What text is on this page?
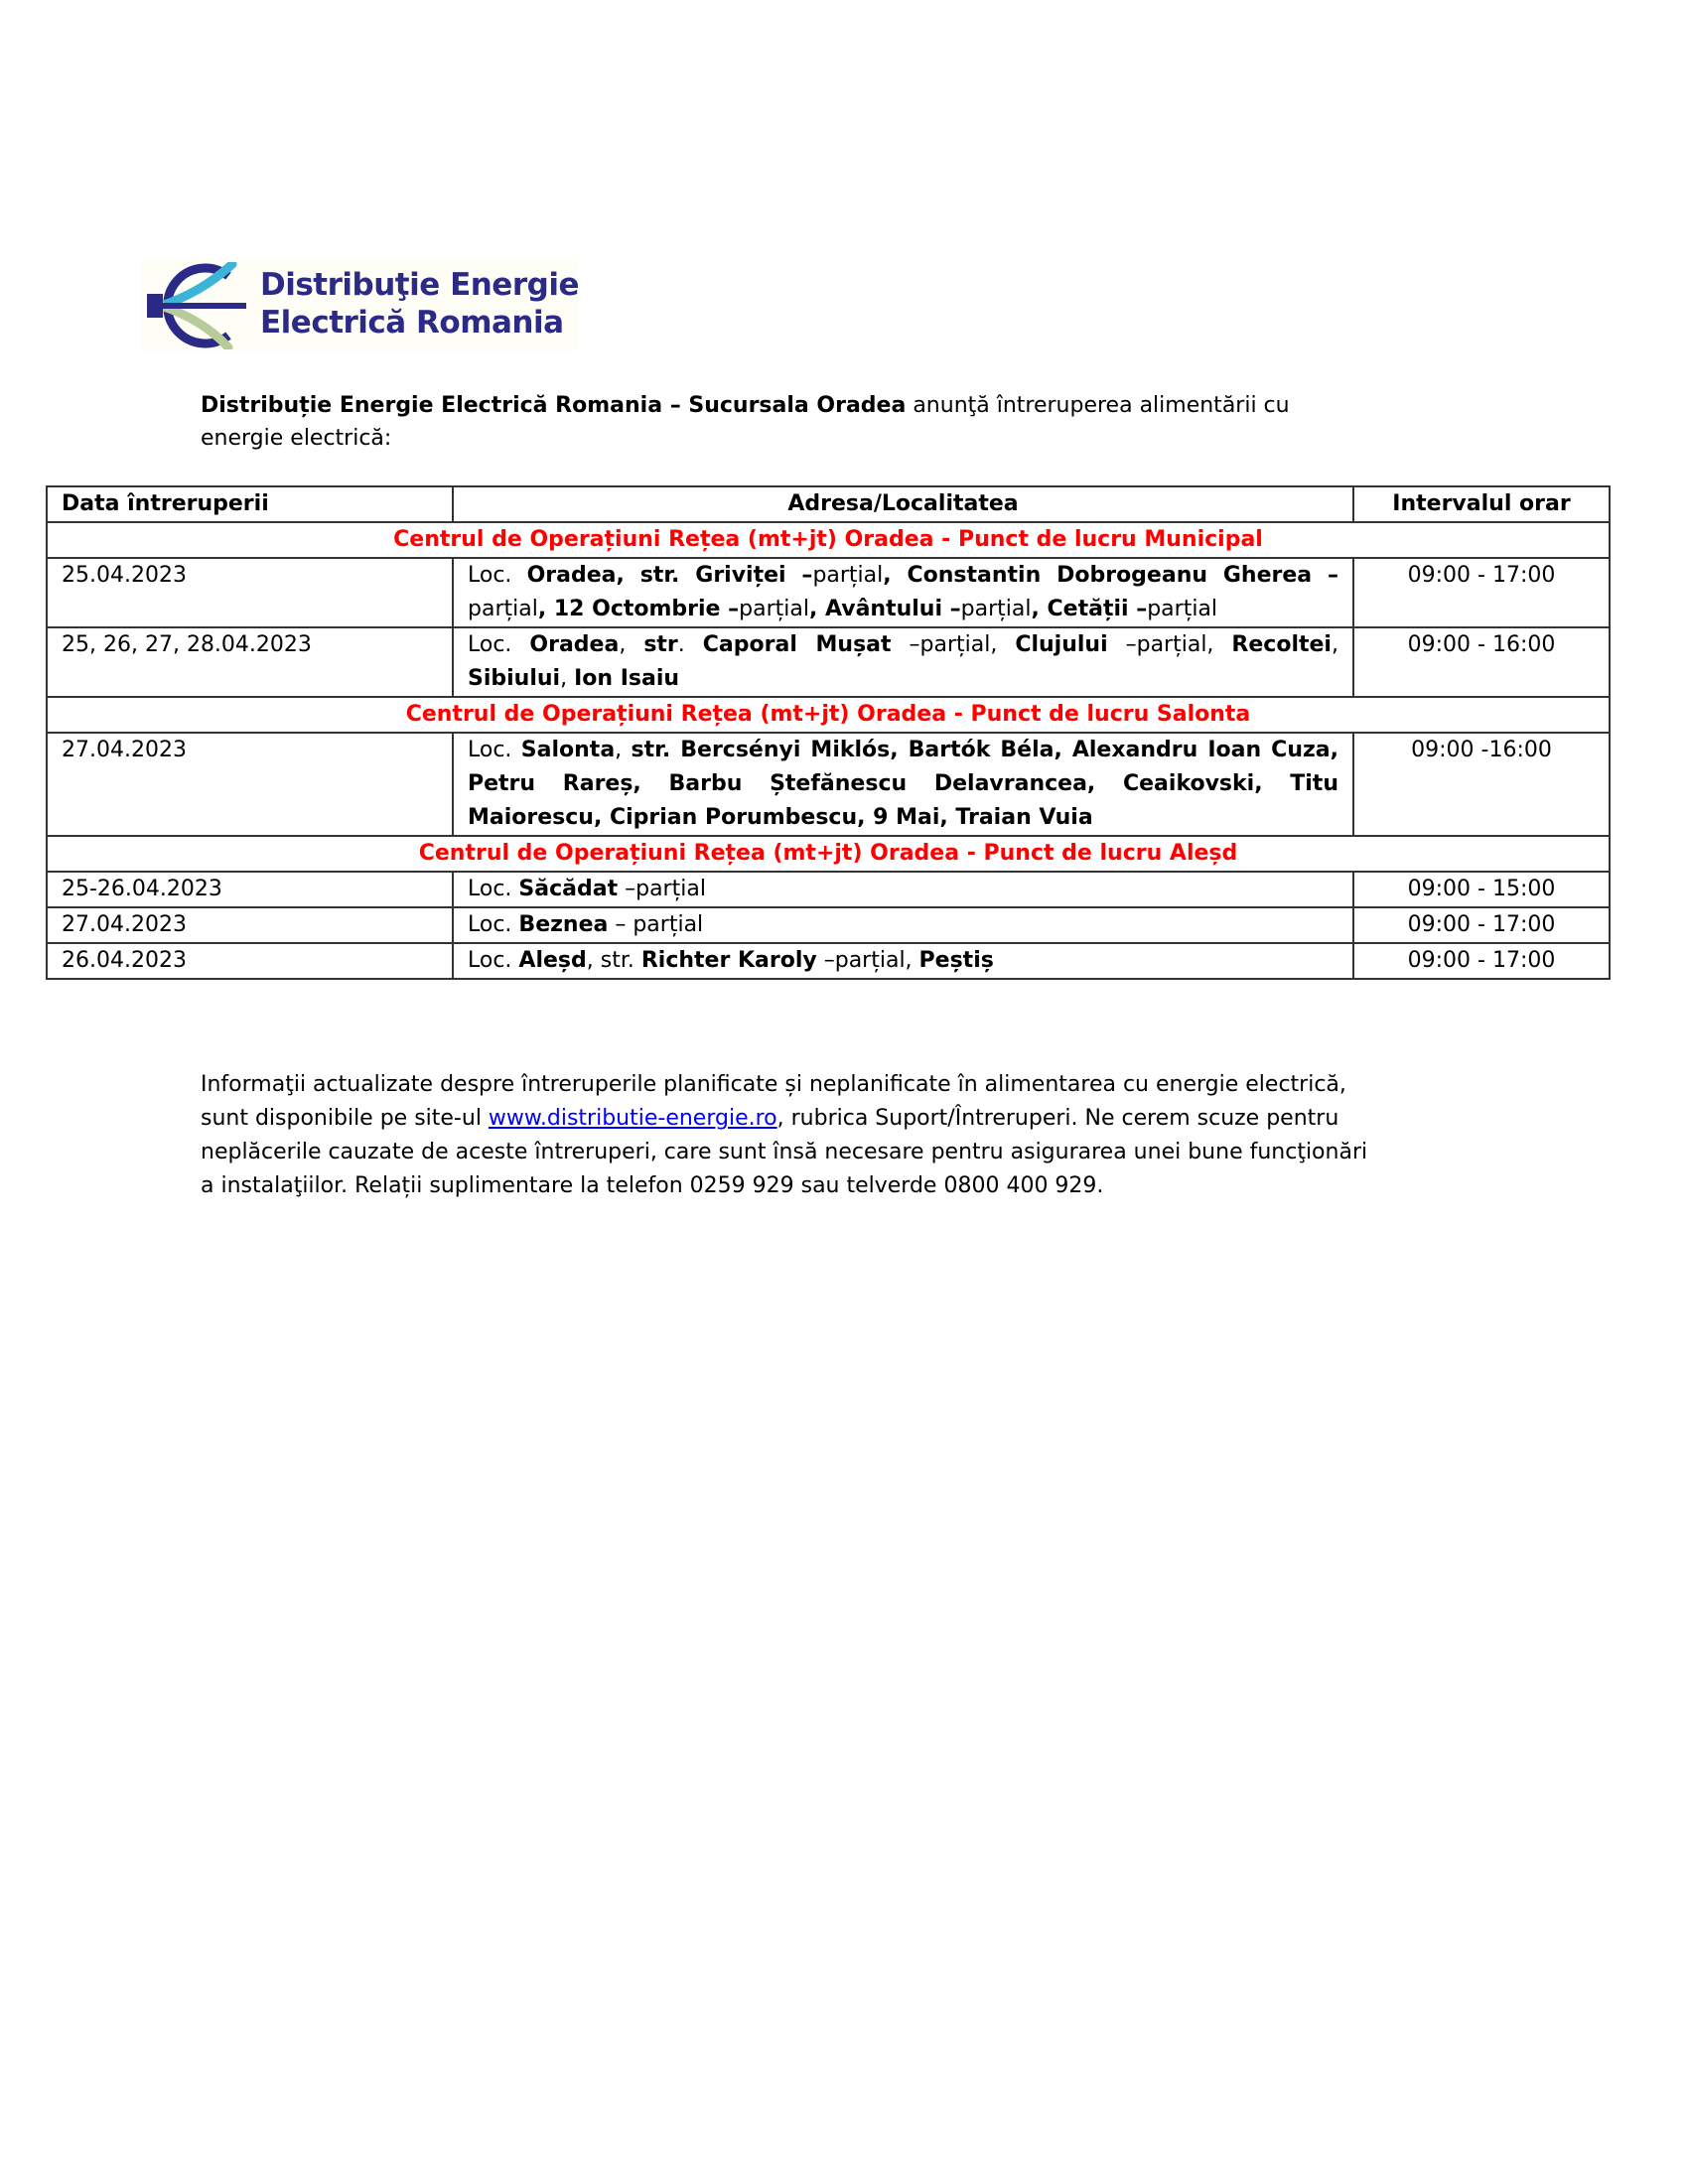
Distribuţie Energie
Electrică Romania
Distribuție Energie Electrică Romania – Sucursala Oradea anunţă întreruperea alimentării cu
energie electrică:
Data întreruperii	Adresa/Localitatea	Intervalul orar
Centrul de Operațiuni Rețea (mt+jt) Oradea - Punct de lucru Municipal		
25.04.2023	Loc. Oradea, str. Griviței –parțial, Constantin Dobrogeanu Gherea –parțial, 12 Octombrie –parțial, Avântului –parțial, Cetății –parțial	09:00 - 17:00
25, 26, 27, 28.04.2023	Loc. Oradea, str. Caporal Mușat –parțial, Clujului –parțial, Recoltei, Sibiului, Ion Isaiu	09:00 - 16:00
Centrul de Operațiuni Rețea (mt+jt) Oradea - Punct de lucru Salonta		
27.04.2023	Loc. Salonta, str. Bercsényi Miklós, Bartók Béla, Alexandru Ioan Cuza, Petru Rareș, Barbu Ștefănescu Delavrancea, Ceaikovski, Titu Maiorescu, Ciprian Porumbescu, 9 Mai, Traian Vuia	09:00 -16:00
Centrul de Operațiuni Rețea (mt+jt) Oradea - Punct de lucru Aleșd		
25-26.04.2023	Loc. Săcădat –parțial	09:00 - 15:00
27.04.2023	Loc. Beznea – parțial	09:00 - 17:00
26.04.2023	Loc. Aleșd, str. Richter Karoly –parțial, Peștiș	09:00 - 17:00
Informaţii actualizate despre întreruperile planificate și neplanificate în alimentarea cu energie electrică,
sunt disponibile pe site-ul www.distributie-energie.ro, rubrica Suport/Întreruperi. Ne cerem scuze pentru
neplăcerile cauzate de aceste întreruperi, care sunt însă necesare pentru asigurarea unei bune funcţionări
a instalaţiilor. Relații suplimentare la telefon 0259 929 sau telverde 0800 400 929.
